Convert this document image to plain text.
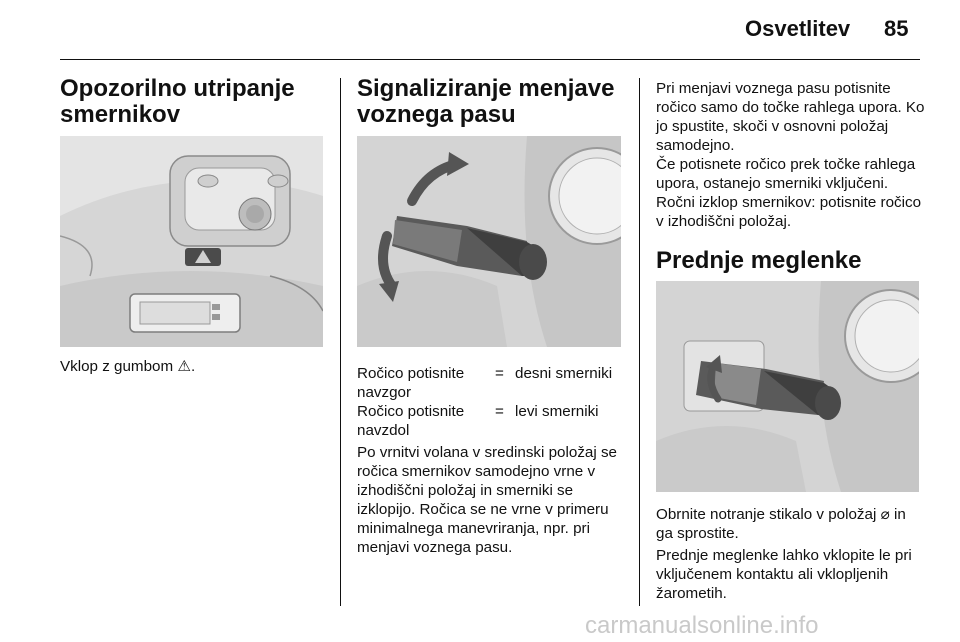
Osvetlitev 85
Opozorilno utripanje smernikov

Vklop z gumbom ⚠.

Signaliziranje menjave voznega pasu
Ročico potisnite navzgor
= desni smerniki
Ročico potisnite navzdol
= levi smerniki

Po vrnitvi volana v sredinski položaj se ročica smernikov samodejno vrne v izhodiščni položaj in smerniki se izklopijo. Ročica se ne vrne v primeru minimalnega manevriranja, npr. pri menjavi voznega pasu.

Pri menjavi voznega pasu potisnite ročico samo do točke rahlega upora. Ko jo spustite, skoči v osnovni položaj samodejno.

Če potisnete ročico prek točke rahlega upora, ostanejo smerniki vključeni. Ročni izklop smernikov: potisnite ročico v izhodiščni položaj.

Prednje meglenke

Obrnite notranje stikalo v položaj ⌀ in ga sprostite.

Prednje meglenke lahko vklopite le pri vključenem kontaktu ali vklopljenih žarometih.

carmanualsonline.info
